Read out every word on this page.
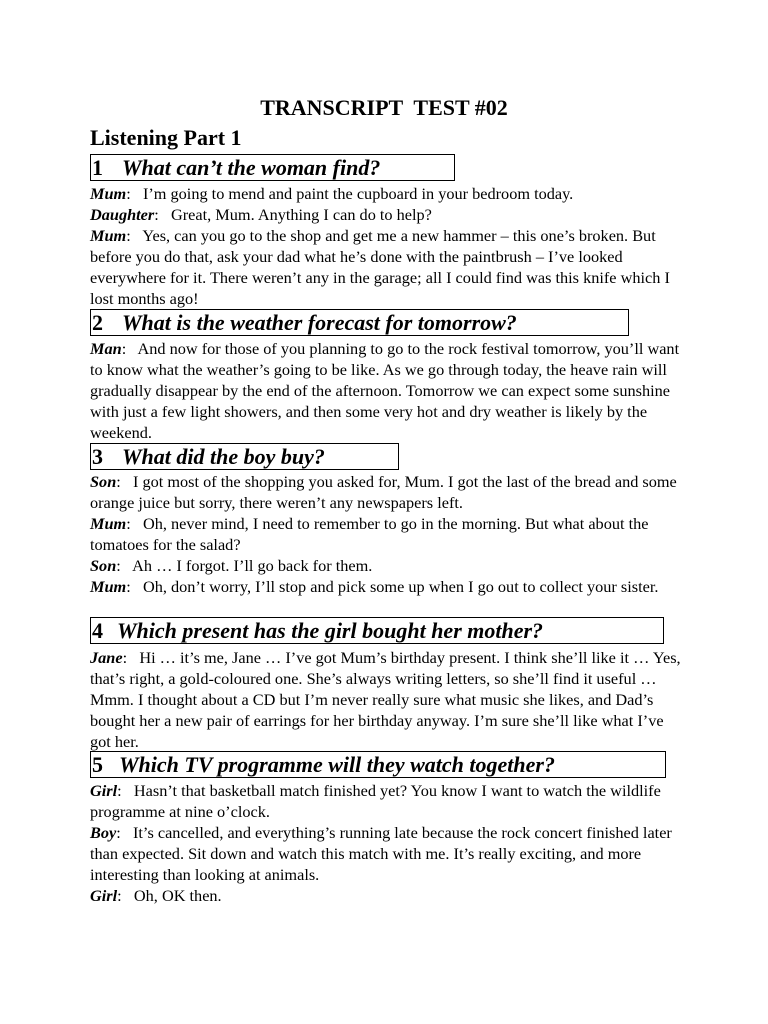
TRANSCRIPT  TEST #02
Listening Part 1
1 What can’t the woman find?

Mum:   I’m going to mend and paint the cupboard in your bedroom today.

Daughter:   Great, Mum. Anything I can do to help?

Mum:   Yes, can you go to the shop and get me a new hammer – this one’s broken. But before you do that, ask your dad what he’s done with the paintbrush – I’ve looked everywhere for it. There weren’t any in the garage; all I could find was this knife which I lost months ago!

2 What is the weather forecast for tomorrow?

Man:   And now for those of you planning to go to the rock festival tomorrow, you’ll want to know what the weather’s going to be like. As we go through today, the heave rain will gradually disappear by the end of the afternoon. Tomorrow we can expect some sunshine with just a few light showers, and then some very hot and dry weather is likely by the weekend.

3 What did the boy buy?

Son:   I got most of the shopping you asked for, Mum. I got the last of the bread and some orange juice but sorry, there weren’t any newspapers left.

Mum:   Oh, never mind, I need to remember to go in the morning. But what about the tomatoes for the salad?

Son:   Ah … I forgot. I’ll go back for them.

Mum:   Oh, don’t worry, I’ll stop and pick some up when I go out to collect your sister.

4 Which present has the girl bought her mother?

Jane:   Hi … it’s me, Jane … I’ve got Mum’s birthday present. I think she’ll like it … Yes, that’s right, a gold-coloured one. She’s always writing letters, so she’ll find it useful … Mmm. I thought about a CD but I’m never really sure what music she likes, and Dad’s bought her a new pair of earrings for her birthday anyway. I’m sure she’ll like what I’ve got her.

5 Which TV programme will they watch together?

Girl:   Hasn’t that basketball match finished yet? You know I want to watch the wildlife programme at nine o’clock.

Boy:   It’s cancelled, and everything’s running late because the rock concert finished later than expected. Sit down and watch this match with me. It’s really exciting, and more interesting than looking at animals.

Girl:   Oh, OK then.
